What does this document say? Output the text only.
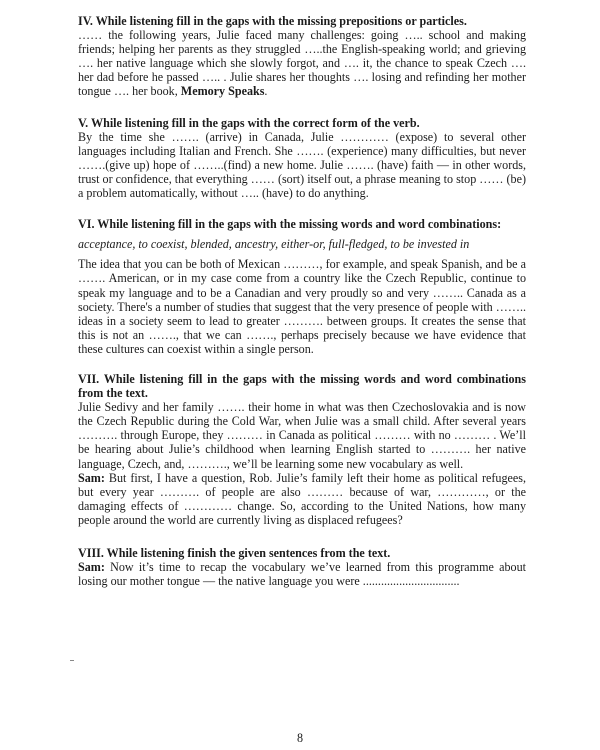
IV. While listening fill in the gaps with the missing prepositions or particles.

…… the following years, Julie faced many challenges: going ….. school and making friends; helping her parents as they struggled …..the English-speaking world; and grieving …. her native language which she slowly forgot, and …. it, the chance to speak Czech …. her dad before he passed ….. . Julie shares her thoughts …. losing and refinding her mother tongue …. her book, Memory Speaks.

V. While listening fill in the gaps with the correct form of the verb.

By the time she ……. (arrive) in Canada, Julie ………… (expose) to several other languages including Italian and French. She ……. (experience) many difficulties, but never …….(give up) hope of ……..(find) a new home. Julie ……. (have) faith — in other words, trust or confidence, that everything …… (sort) itself out, a phrase meaning to stop …… (be) a problem automatically, without ….. (have) to do anything.

VI. While listening fill in the gaps with the missing words and word combinations:

acceptance, to coexist, blended, ancestry, either-or, full-fledged, to be invested in

The idea that you can be both of Mexican ………, for example, and speak Spanish, and be a ……. American, or in my case come from a country like the Czech Republic, continue to speak my language and to be a Canadian and very proudly so and very …….. Canada as a society. There's a number of studies that suggest that the very presence of people with …….. ideas in a society seem to lead to greater ………. between groups. It creates the sense that this is not an ……., that we can ……., perhaps precisely because we have evidence that these cultures can coexist within a single person.

VII. While listening fill in the gaps with the missing words and word combinations from the text.

Julie Sedivy and her family ……. their home in what was then Czechoslovakia and is now the Czech Republic during the Cold War, when Julie was a small child. After several years ………. through Europe, they ……… in Canada as political ……… with no ……… . We’ll be hearing about Julie’s childhood when learning English started to ………. her native language, Czech, and, ………., we’ll be learning some new vocabulary as well.

Sam: But first, I have a question, Rob. Julie’s family left their home as political refugees, but every year ………. of people are also ……… because of war, …………, or the damaging effects of ………… change. So, according to the United Nations, how many people around the world are currently living as displaced refugees?

VIII. While listening finish the given sentences from the text.

Sam: Now it’s time to recap the vocabulary we’ve learned from this programme about losing our mother tongue — the native language you were ................................

8
